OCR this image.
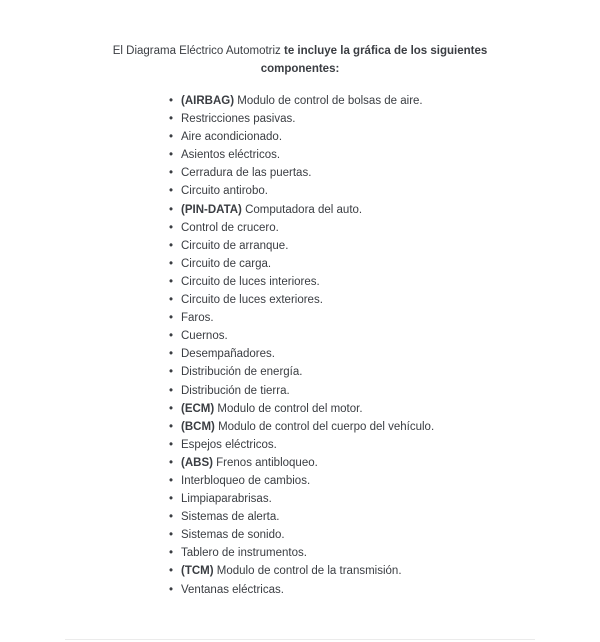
El Diagrama Eléctrico Automotriz te incluye la gráfica de los siguientes componentes:

• (AIRBAG) Modulo de control de bolsas de aire.
• Restricciones pasivas.
• Aire acondicionado.
• Asientos eléctricos.
• Cerradura de las puertas.
• Circuito antirobo.
• (PIN-DATA) Computadora del auto.
• Control de crucero.
• Circuito de arranque.
• Circuito de carga.
• Circuito de luces interiores.
• Circuito de luces exteriores.
• Faros.
• Cuernos.
• Desempañadores.
• Distribución de energía.
• Distribución de tierra.
• (ECM) Modulo de control del motor.
• (BCM) Modulo de control del cuerpo del vehículo.
• Espejos eléctricos.
• (ABS) Frenos antibloqueo.
• Interbloqueo de cambios.
• Limpiaparabrisas.
• Sistemas de alerta.
• Sistemas de sonido.
• Tablero de instrumentos.
• (TCM) Modulo de control de la transmisión.
• Ventanas eléctricas.
